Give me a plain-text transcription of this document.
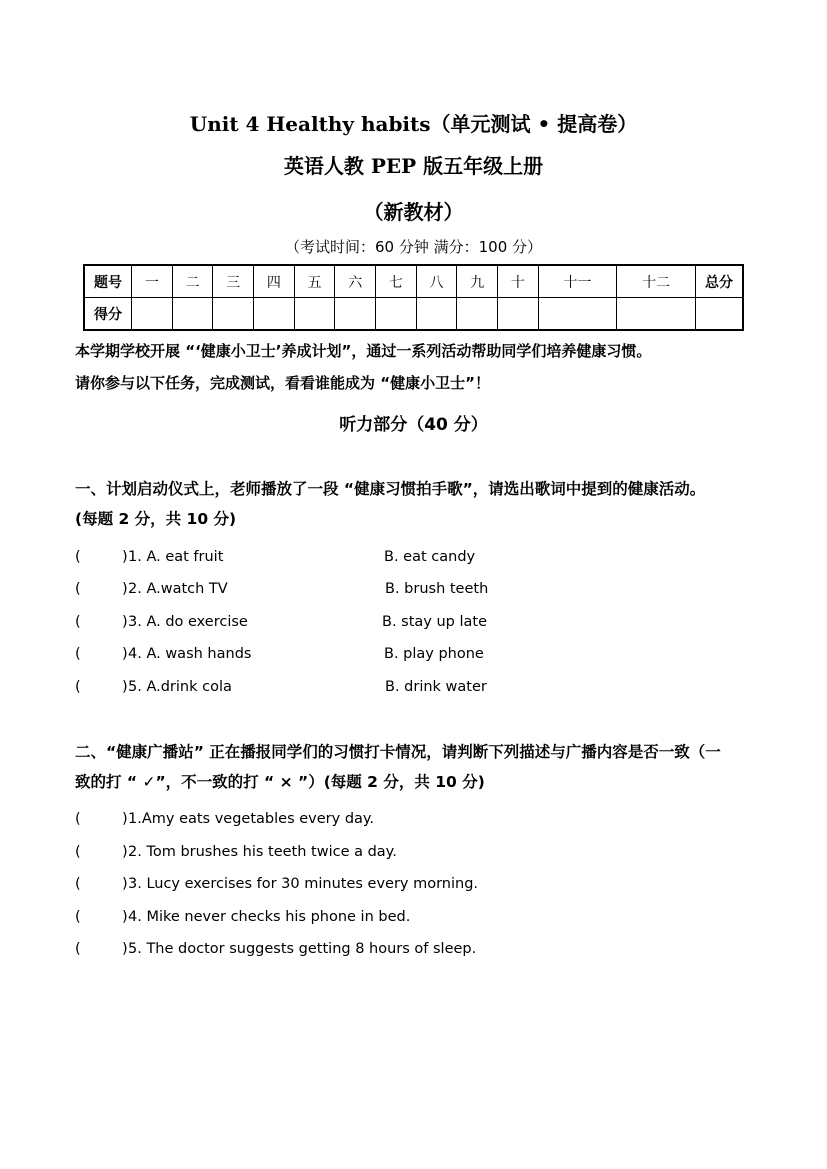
Unit 4 Healthy habits（单元测试 • 提高卷）
英语人教 PEP 版五年级上册
（新教材）
（考试时间：60 分钟 满分：100 分）
题号	一	二	三	四	五	六	七	八	九	十	十一	十二	总分
得分													
本学期学校开展 “‘健康小卫士’养成计划”，通过一系列活动帮助同学们培养健康习惯。
请你参与以下任务，完成测试，看看谁能成为 “健康小卫士”！
听力部分（40 分）
一、计划启动仪式上，老师播放了一段 “健康习惯拍手歌”，请选出歌词中提到的健康活动。
(每题 2 分，共 10 分)
(	) 1. A. eat fruit	B. eat candy
(	) 2. A.watch TV	B. brush teeth
(	) 3. A. do exercise	B. stay up late
(	) 4. A. wash hands	B. play phone
(	) 5. A.drink cola	B. drink water
二、“健康广播站” 正在播报同学们的习惯打卡情况，请判断下列描述与广播内容是否一致（一
致的打 “ ✓”，不一致的打 “ × ”）(每题 2 分，共 10 分)
(	) 1.Amy eats vegetables every day.
(	) 2. Tom brushes his teeth twice a day.
(	) 3. Lucy exercises for 30 minutes every morning.
(	) 4. Mike never checks his phone in bed.
(	) 5. The doctor suggests getting 8 hours of sleep.
